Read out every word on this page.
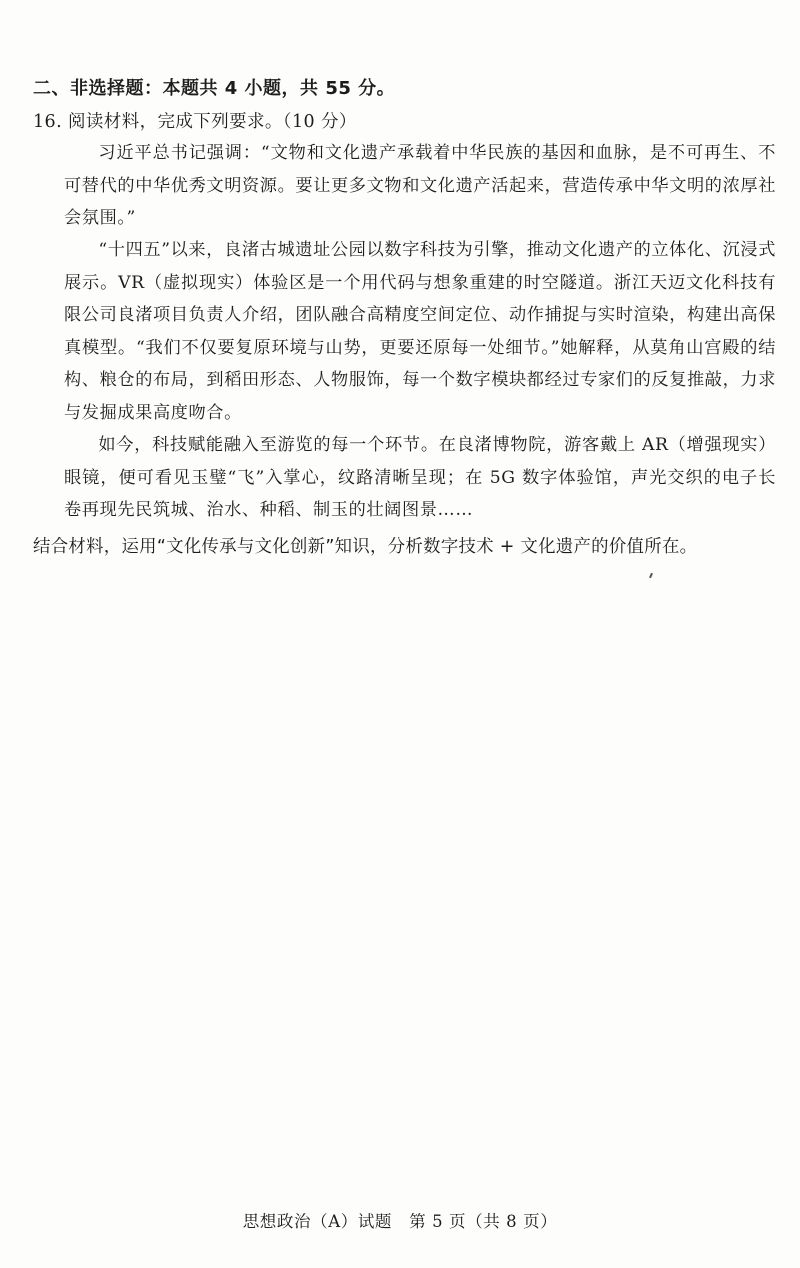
二、非选择题：本题共 4 小题，共 55 分。
16. 阅读材料，完成下列要求。（10 分）

习近平总书记强调：“文物和文化遗产承载着中华民族的基因和血脉，是不可再生、不可替代的中华优秀文明资源。要让更多文物和文化遗产活起来，营造传承中华文明的浓厚社会氛围。”

“十四五”以来，良渚古城遗址公园以数字科技为引擎，推动文化遗产的立体化、沉浸式展示。VR（虚拟现实）体验区是一个用代码与想象重建的时空隧道。浙江天迈文化科技有限公司良渚项目负责人介绍，团队融合高精度空间定位、动作捕捉与实时渲染，构建出高保真模型。“我们不仅要复原环境与山势，更要还原每一处细节。”她解释，从莫角山宫殿的结构、粮仓的布局，到稻田形态、人物服饰，每一个数字模块都经过专家们的反复推敲，力求与发掘成果高度吻合。

如今，科技赋能融入至游览的每一个环节。在良渚博物院，游客戴上 AR（增强现实）眼镜，便可看见玉璧“飞”入掌心，纹路清晰呈现；在 5G 数字体验馆，声光交织的电子长卷再现先民筑城、治水、种稻、制玉的壮阔图景……

结合材料，运用“文化传承与文化创新”知识，分析数字技术 + 文化遗产的价值所在。
思想政治（A）试题　第 5 页（共 8 页）
